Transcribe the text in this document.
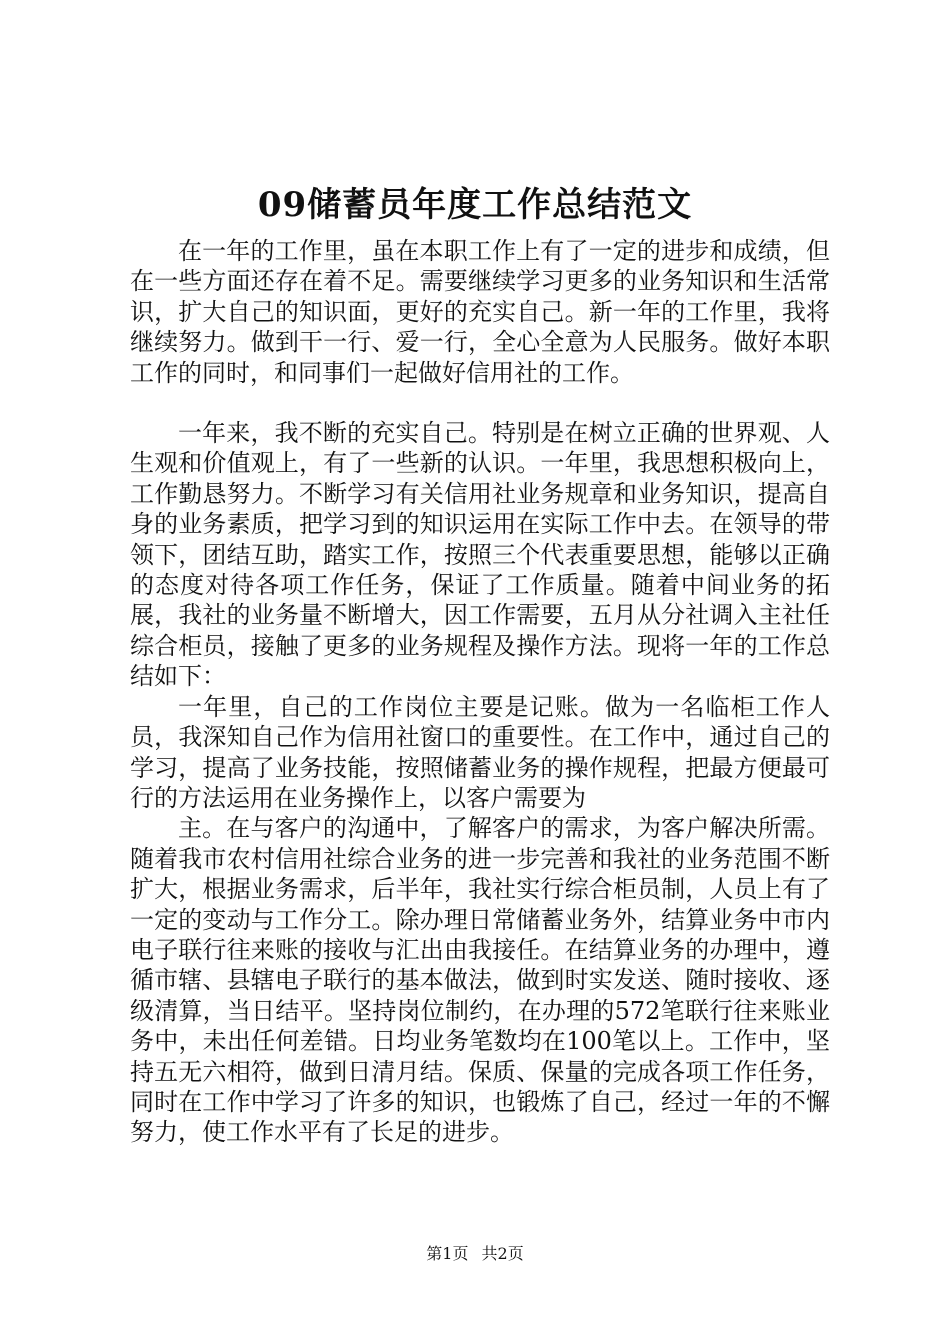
09储蓄员年度工作总结范文

在一年的工作里，虽在本职工作上有了一定的进步和成绩，但在一些方面还存在着不足。需要继续学习更多的业务知识和生活常识，扩大自己的知识面，更好的充实自己。新一年的工作里，我将继续努力。做到干一行、爱一行，全心全意为人民服务。做好本职工作的同时，和同事们一起做好信用社的工作。

一年来，我不断的充实自己。特别是在树立正确的世界观、人生观和价值观上，有了一些新的认识。一年里，我思想积极向上，工作勤恳努力。不断学习有关信用社业务规章和业务知识，提高自身的业务素质，把学习到的知识运用在实际工作中去。在领导的带领下，团结互助，踏实工作，按照三个代表重要思想，能够以正确的态度对待各项工作任务，保证了工作质量。随着中间业务的拓展，我社的业务量不断增大，因工作需要，五月从分社调入主社任综合柜员，接触了更多的业务规程及操作方法。现将一年的工作总结如下：

一年里，自己的工作岗位主要是记账。做为一名临柜工作人员，我深知自己作为信用社窗口的重要性。在工作中，通过自己的学习，提高了业务技能，按照储蓄业务的操作规程，把最方便最可行的方法运用在业务操作上，以客户需要为

主。在与客户的沟通中，了解客户的需求，为客户解决所需。随着我市农村信用社综合业务的进一步完善和我社的业务范围不断扩大，根据业务需求，后半年，我社实行综合柜员制，人员上有了一定的变动与工作分工。除办理日常储蓄业务外，结算业务中市内电子联行往来账的接收与汇出由我接任。在结算业务的办理中，遵循市辖、县辖电子联行的基本做法，做到时实发送、随时接收、逐级清算，当日结平。坚持岗位制约，在办理的572笔联行往来账业务中，未出任何差错。日均业务笔数均在100笔以上。工作中，坚持五无六相符，做到日清月结。保质、保量的完成各项工作任务，同时在工作中学习了许多的知识，也锻炼了自己，经过一年的不懈努力，使工作水平有了长足的进步。

第1页 共2页
